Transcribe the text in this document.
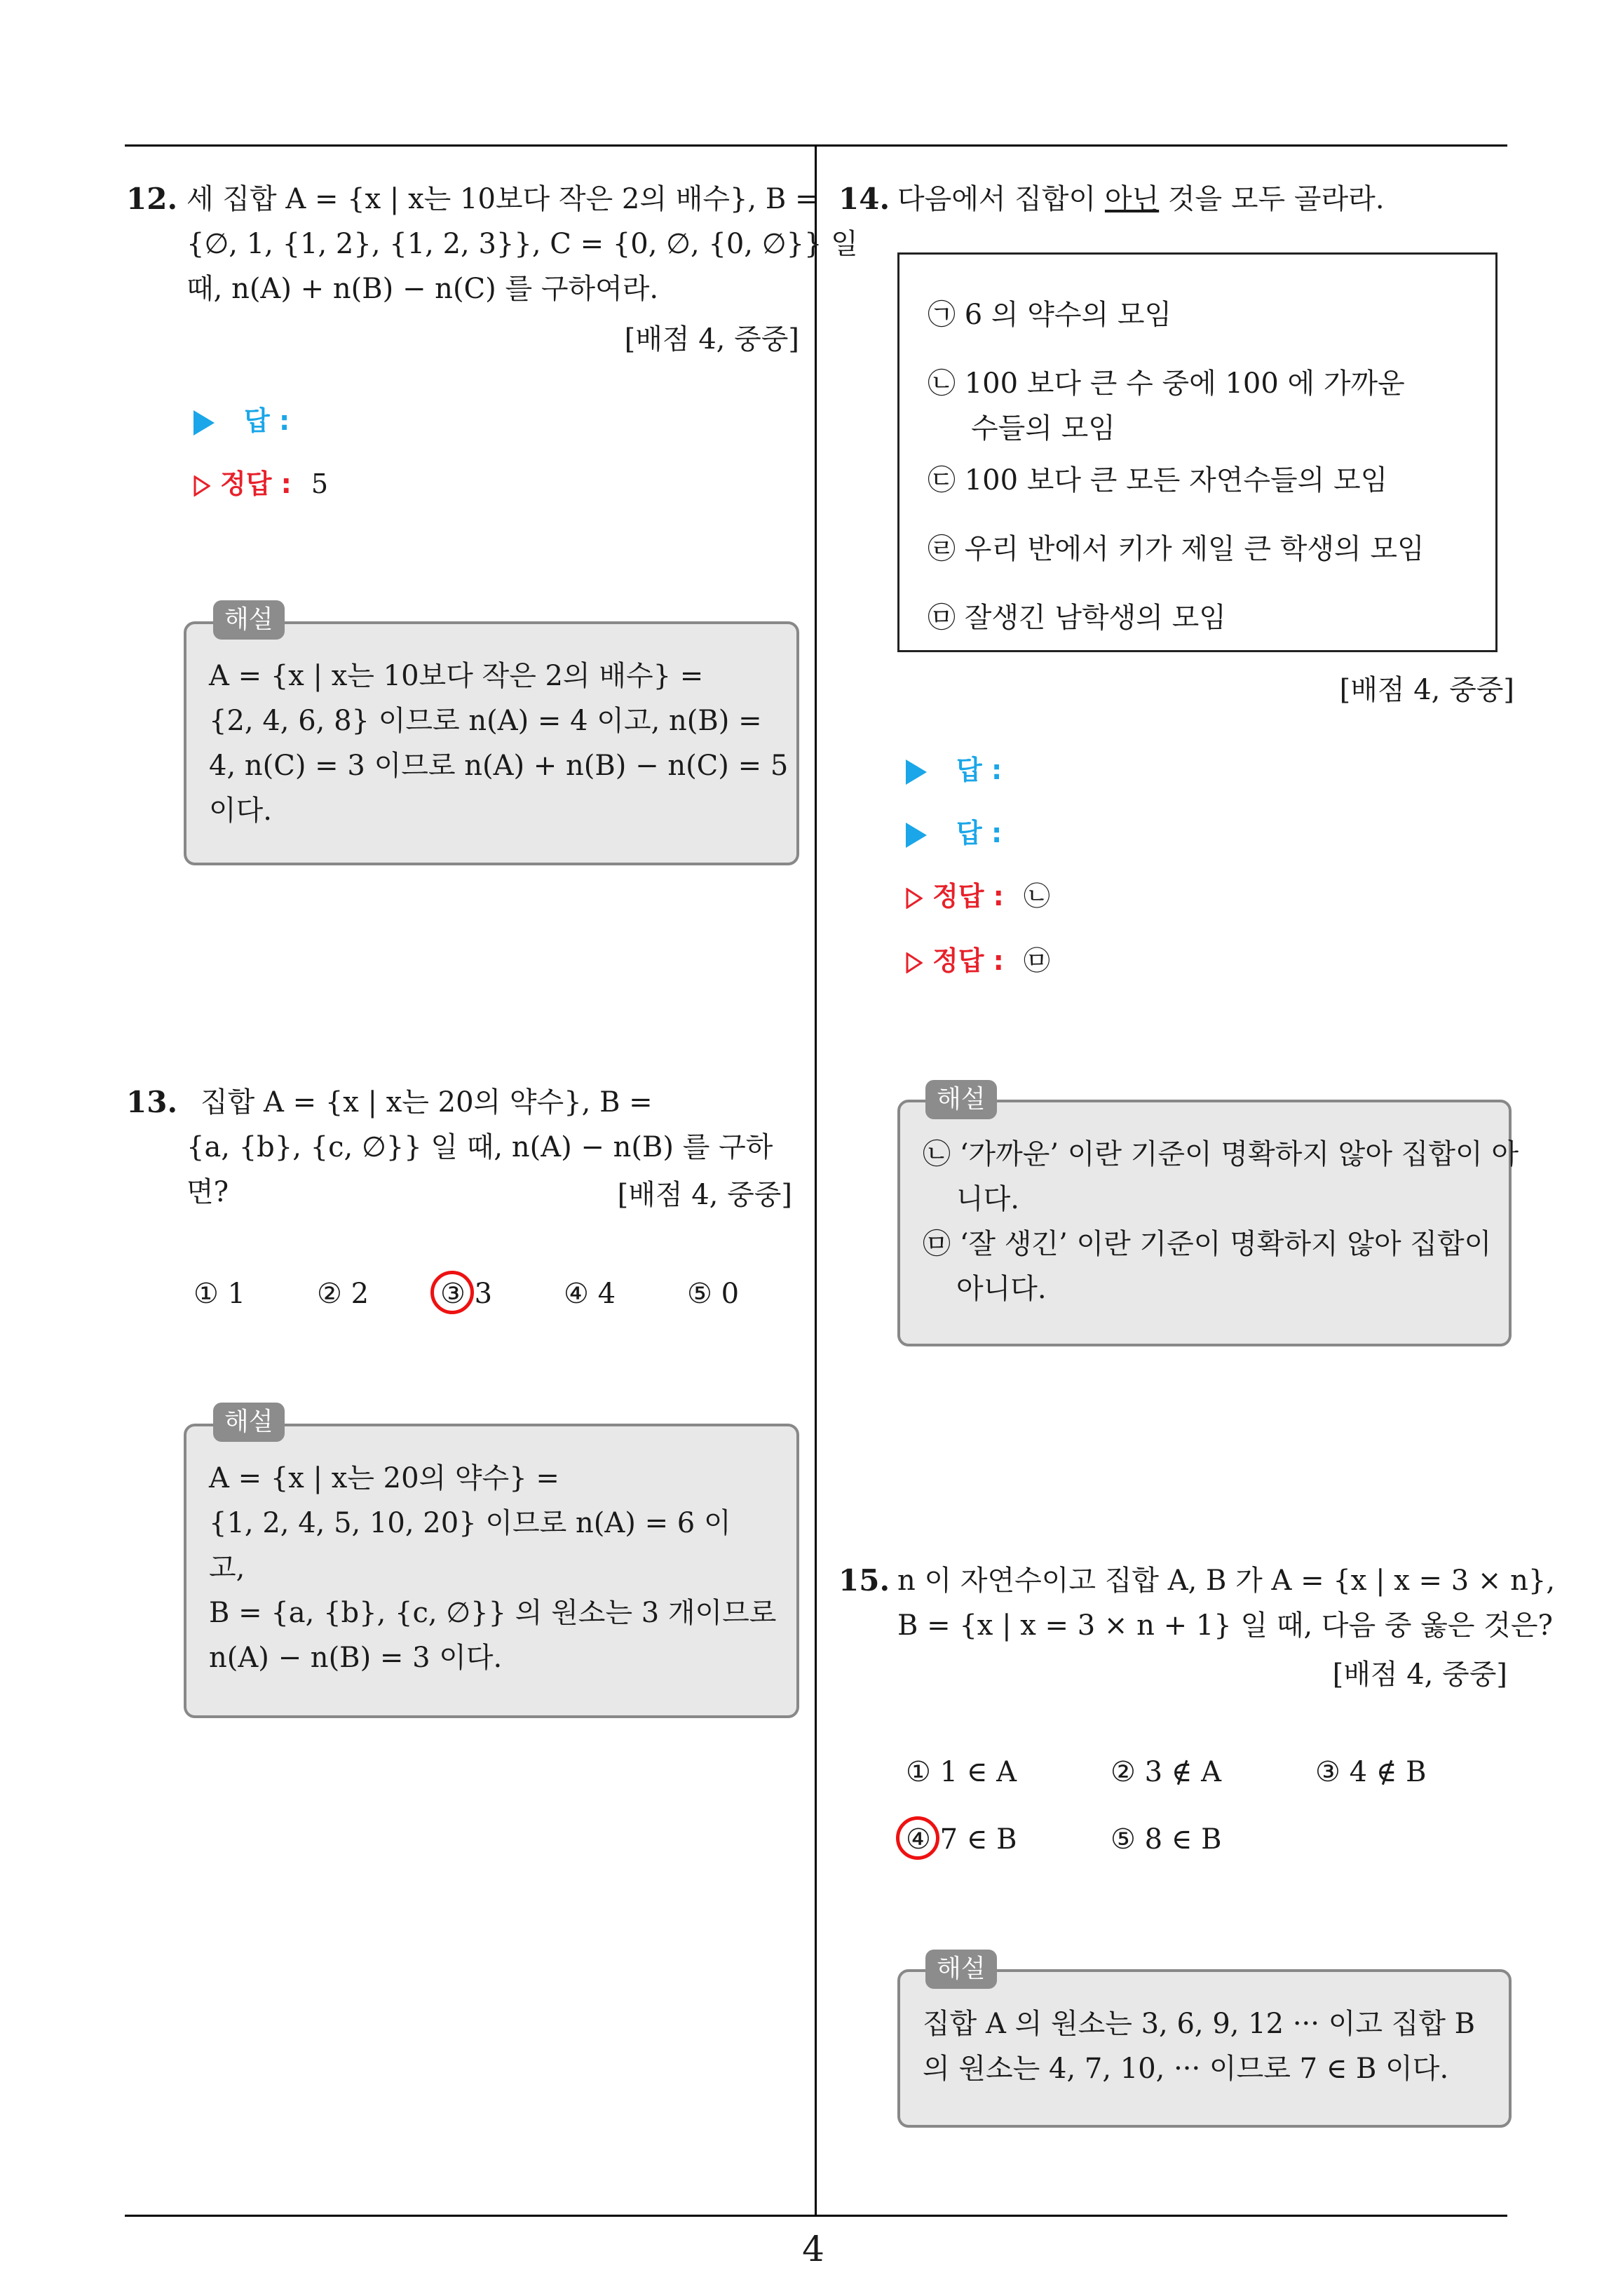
4
12. 세 집합 A = {x | x는 10보다 작은 2의 배수}, B =
{∅, 1, {1, 2}, {1, 2, 3}}, C = {0, ∅, {0, ∅}} 일
때, n(A) + n(B) − n(C) 를 구하여라.
[배점 4, 중중]
답 :
정답 : 5
A = {x | x는 10보다 작은 2의 배수} =
{2, 4, 6, 8} 이므로 n(A) = 4 이고, n(B) =
4, n(C) = 3 이므로 n(A) + n(B) − n(C) = 5
이다.
해설
13. 집합 A = {x | x는 20의 약수}, B =
{a, {b}, {c, ∅}} 일 때, n(A) − n(B) 를 구하
면?	[배점 4, 중중]
① 1	② 2	③ 3	④ 4	⑤ 0
A = {x | x는 20의 약수} =
{1, 2, 4, 5, 10, 20} 이므로 n(A) = 6 이
고,
B = {a, {b}, {c, ∅}} 의 원소는 3 개이므로
n(A) − n(B) = 3 이다.
해설
14. 다음에서 집합이 아닌 것을 모두 골라라.
㉠ 6 의 약수의 모임
㉡ 100 보다 큰 수 중에 100 에 가까운
수들의 모임
㉢ 100 보다 큰 모든 자연수들의 모임
㉣ 우리 반에서 키가 제일 큰 학생의 모임
㉤ 잘생긴 남학생의 모임
[배점 4, 중중]
답 :
답 :
정답 : ㉡
정답 : ㉤
㉡ ‘가까운’ 이란 기준이 명확하지 않아 집합이 아
니다.
㉤ ‘잘 생긴’ 이란 기준이 명확하지 않아 집합이
아니다.
해설
15. n 이 자연수이고 집합 A, B 가 A = {x | x = 3 × n},
B = {x | x = 3 × n + 1} 일 때, 다음 중 옳은 것은?
[배점 4, 중중]
① 1 ∈ A	② 3 ∉ A	③ 4 ∉ B
④ 7 ∈ B	⑤ 8 ∈ B
집합 A 의 원소는 3, 6, 9, 12 ··· 이고 집합 B
의 원소는 4, 7, 10, ··· 이므로 7 ∈ B 이다.
해설
